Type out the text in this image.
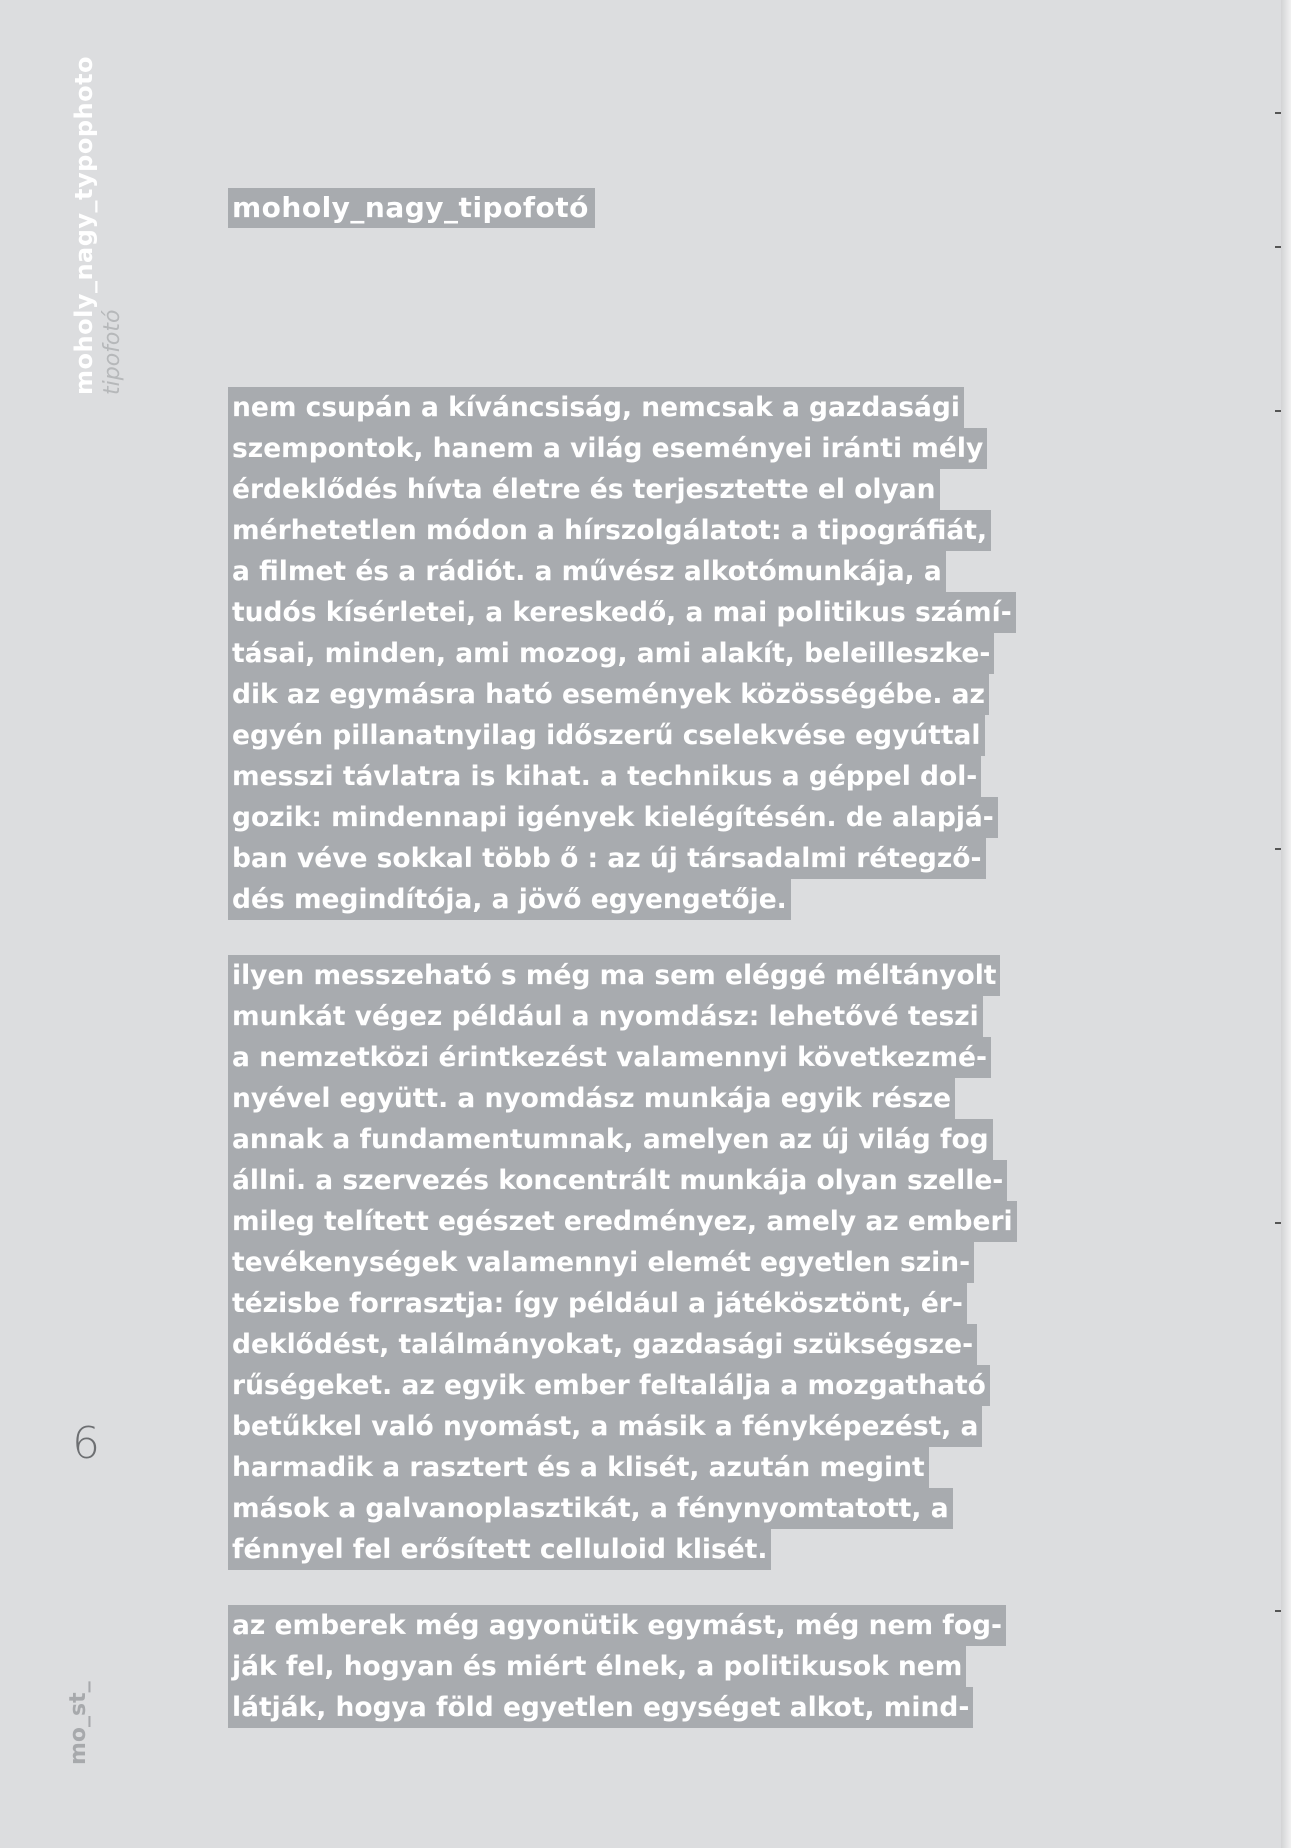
moholy_nagy_typophoto tipofotó
mo_st_
6
moholy_nagy_tipofotó
nem csupán a kíváncsiság, nemcsak a gazdasági
szempontok, hanem a világ eseményei iránti mély
érdeklődés hívta életre és terjesztette el olyan
mérhetetlen módon a hírszolgálatot: a tipográfiát,
a filmet és a rádiót. a művész alkotómunkája, a
tudós kísérletei, a kereskedő, a mai politikus számí-
tásai, minden, ami mozog, ami alakít, beleilleszke-
dik az egymásra ható események közösségébe. az
egyén pillanatnyilag időszerű cselekvése egyúttal
messzi távlatra is kihat. a technikus a géppel dol-
gozik: mindennapi igények kielégítésén. de alapjá-
ban véve sokkal több ő : az új társadalmi rétegző-
dés megindítója, a jövő egyengetője.
ilyen messzeható s még ma sem eléggé méltányolt
munkát végez például a nyomdász: lehetővé teszi
a nemzetközi érintkezést valamennyi következmé-
nyével együtt. a nyomdász munkája egyik része
annak a fundamentumnak, amelyen az új világ fog
állni. a szervezés koncentrált munkája olyan szelle-
mileg telített egészet eredményez, amely az emberi
tevékenységek valamennyi elemét egyetlen szin-
tézisbe forrasztja: így például a játékösztönt, ér-
deklődést, találmányokat, gazdasági szükségsze-
rűségeket. az egyik ember feltalálja a mozgatható
betűkkel való nyomást, a másik a fényképezést, a
harmadik a rasztert és a klisét, azután megint
mások a galvanoplasztikát, a fénynyomtatott, a
fénnyel fel erősített celluloid klisét.
az emberek még agyonütik egymást, még nem fog-
ják fel, hogyan és miért élnek, a politikusok nem
látják, hogya föld egyetlen egységet alkot, mind-
